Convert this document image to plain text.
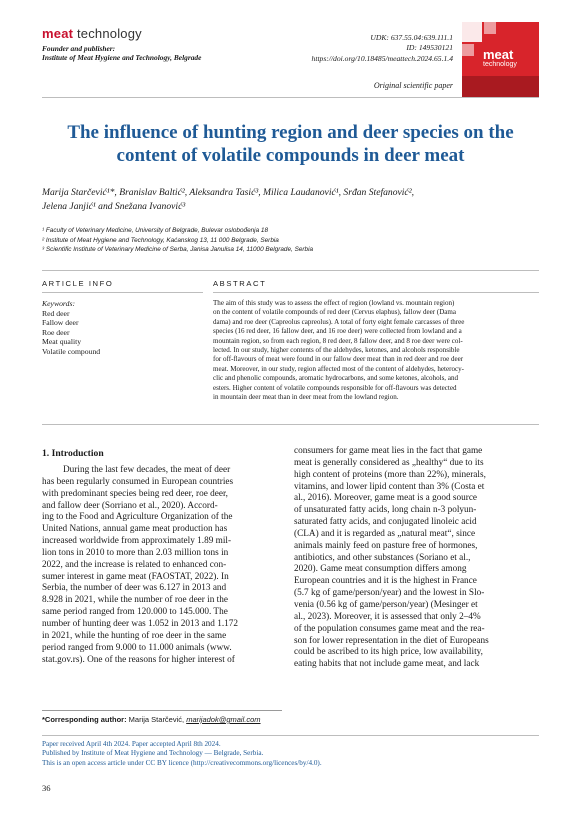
meat technology
Founder and publisher:
Institute of Meat Hygiene and Technology, Belgrade
UDK: 637.55.04:639.111.1
ID: 149530121
https://doi.org/10.18485/meattech.2024.65.1.4
Original scientific paper
meat
technology
The influence of hunting region and deer species on the
content of volatile compounds in deer meat
Marija Starčević¹*, Branislav Baltić², Aleksandra Tasić³, Milica Laudanović¹, Srđan Stefanović²,
Jelena Janjić¹ and Snežana Ivanović³
¹ Faculty of Veterinary Medicine, University of Belgrade, Bulevar oslobođenja 18
² Institute of Meat Hygiene and Technology, Kaćanskog 13, 11 000 Belgrade, Serbia
³ Scientific Institute of Veterinary Medicine of Serba, Janisa Janulisa 14, 11000 Belgrade, Serbia
ARTICLE INFO	ABSTRACT
Keywords:
Red deer
Fallow deer
Roe deer
Meat quality
Volatile compound
The aim of this study was to assess the effect of region (lowland vs. mountain region)
on the content of volatile compounds of red deer (Cervus elaphus), fallow deer (Dama
dama) and roe deer (Capreolus capreolus). A total of forty eight female carcasses of three
species (16 red deer, 16 fallow deer, and 16 roe deer) were collected from lowland and a
mountain region, so from each region, 8 red deer, 8 fallow deer, and 8 roe deer were col-
lected. In our study, higher contents of the aldehydes, ketones, and alcohols responsible
for off-flavours of meat were found in our fallow deer meat than in red deer and roe deer
meat. Moreover, in our study, region affected most of the content of aldehydes, heterocy-
clic and phenolic compounds, aromatic hydrocarbons, and some ketones, alcohols, and
esters. Higher content of volatile compounds responsible for off-flavours was detected
in mountain deer meat than in deer meat from the lowland region.
1. Introduction
During the last few decades, the meat of deer
has been regularly consumed in European countries
with predominant species being red deer, roe deer,
and fallow deer (Sorriano et al., 2020). Accord-
ing to the Food and Agriculture Organization of the
United Nations, annual game meat production has
increased worldwide from approximately 1.89 mil-
lion tons in 2010 to more than 2.03 million tons in
2022, and the increase is related to enhanced con-
sumer interest in game meat (FAOSTAT, 2022). In
Serbia, the number of deer was 6.127 in 2013 and
8.928 in 2021, while the number of roe deer in the
same period ranged from 120.000 to 145.000. The
number of hunting deer was 1.052 in 2013 and 1.172
in 2021, while the hunting of roe deer in the same
period ranged from 9.000 to 11.000 animals (www.
stat.gov.rs). One of the reasons for higher interest of
consumers for game meat lies in the fact that game
meat is generally considered as „healthy“ due to its
high content of proteins (more than 22%), minerals,
vitamins, and lower lipid content than 3% (Costa et
al., 2016). Moreover, game meat is a good source
of unsaturated fatty acids, long chain n-3 polyun-
saturated fatty acids, and conjugated linoleic acid
(CLA) and it is regarded as „natural meat“, since
animals mainly feed on pasture free of hormones,
antibiotics, and other substances (Soriano et al.,
2020). Game meat consumption differs among
European countries and it is the highest in France
(5.7 kg of game/person/year) and the lowest in Slo-
venia (0.56 kg of game/person/year) (Mesinger et
al., 2023). Moreover, it is assessed that only 2–4%
of the population consumes game meat and the rea-
son for lower representation in the diet of Europeans
could be ascribed to its high price, low availability,
eating habits that not include game meat, and lack
*Corresponding author: Marija Starčević, marijadok@gmail.com
Paper received April 4th 2024. Paper accepted April 8th 2024.
Published by Institute of Meat Hygiene and Technology — Belgrade, Serbia.
This is an open access article under CC BY licence (http://creativecommons.org/licences/by/4.0).
36
